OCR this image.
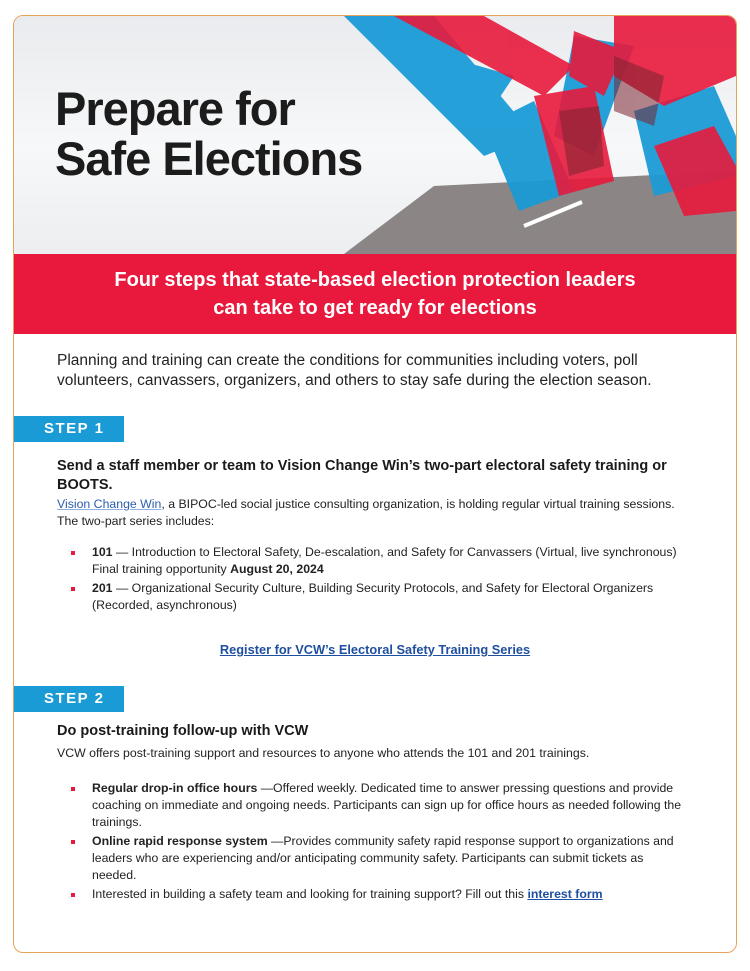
Prepare for
Safe Elections
Four steps that state-based election protection leaders
can take to get ready for elections

Planning and training can create the conditions for communities including voters, poll volunteers, canvassers, organizers, and others to stay safe during the election season.

STEP 1

Send a staff member or team to Vision Change Win’s two-part electoral safety training or BOOTS.

Vision Change Win, a BIPOC-led social justice consulting organization, is holding regular virtual training sessions. The two-part series includes:

101 — Introduction to Electoral Safety, De-escalation, and Safety for Canvassers (Virtual, live synchronous)
Final training opportunity August 20, 2024
201 — Organizational Security Culture, Building Security Protocols, and Safety for Electoral Organizers (Recorded, asynchronous)
Register for VCW’s Electoral Safety Training Series
STEP 2

Do post-training follow-up with VCW

VCW offers post-training support and resources to anyone who attends the 101 and 201 trainings.

Regular drop-in office hours —Offered weekly. Dedicated time to answer pressing questions and provide coaching on immediate and ongoing needs. Participants can sign up for office hours as needed following the trainings.
Online rapid response system —Provides community safety rapid response support to organizations and leaders who are experiencing and/or anticipating community safety. Participants can submit tickets as needed.
Interested in building a safety team and looking for training support? Fill out this interest form
